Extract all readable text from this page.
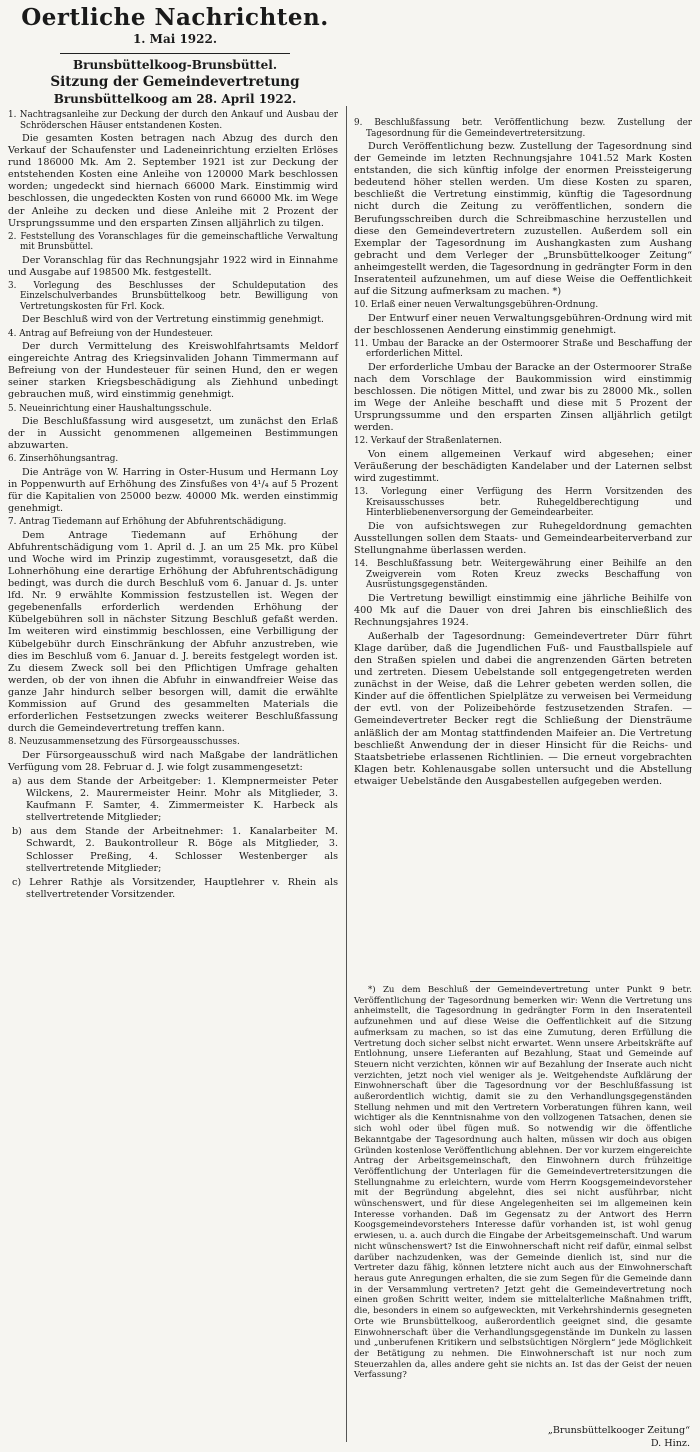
Oertliche Nachrichten.
1. Mai 1922.
Brunsbüttelkoog-Brunsbüttel.
Sitzung der Gemeindevertretung
Brunsbüttelkoog am 28. April 1922.

1. Nachtragsanleihe zur Deckung der durch den Ankauf und Ausbau der Schröderschen Häuser entstandenen Kosten.

Die gesamten Kosten betragen nach Abzug des durch den Verkauf der Schaufenster und Ladeneinrichtung erzielten Erlöses rund 186000 Mk. Am 2. September 1921 ist zur Deckung der entstehenden Kosten eine Anleihe von 120000 Mark beschlossen worden; ungedeckt sind hiernach 66000 Mark. Einstimmig wird beschlossen, die ungedeckten Kosten von rund 66000 Mk. im Wege der Anleihe zu decken und diese Anleihe mit 2 Prozent der Ursprungssumme und den ersparten Zinsen alljährlich zu tilgen.

2. Feststellung des Voranschlages für die gemeinschaftliche Verwaltung mit Brunsbüttel.

Der Voranschlag für das Rechnungsjahr 1922 wird in Einnahme und Ausgabe auf 198500 Mk. festgestellt.

3. Vorlegung des Beschlusses der Schuldeputation des Einzelschulverbandes Brunsbüttelkoog betr. Bewilligung von Vertretungskosten für Frl. Kock.

Der Beschluß wird von der Vertretung einstimmig genehmigt.

4. Antrag auf Befreiung von der Hundesteuer.

Der durch Vermittelung des Kreiswohlfahrtsamts Meldorf eingereichte Antrag des Kriegsinvaliden Johann Timmermann auf Befreiung von der Hundesteuer für seinen Hund, den er wegen seiner starken Kriegsbeschädigung als Ziehhund unbedingt gebrauchen muß, wird einstimmig genehmigt.

5. Neueinrichtung einer Haushaltungsschule.

Die Beschlußfassung wird ausgesetzt, um zunächst den Erlaß der in Aussicht genommenen allgemeinen Bestimmungen abzuwarten.

6. Zinserhöhungsantrag.

Die Anträge von W. Harring in Oster-Husum und Hermann Loy in Poppenwurth auf Erhöhung des Zinsfußes von 4¹/₄ auf 5 Prozent für die Kapitalien von 25000 bezw. 40000 Mk. werden einstimmig genehmigt.

7. Antrag Tiedemann auf Erhöhung der Abfuhrentschädigung.

Dem Antrage Tiedemann auf Erhöhung der Abfuhrentschädigung vom 1. April d. J. an um 25 Mk. pro Kübel und Woche wird im Prinzip zugestimmt, vorausgesetzt, daß die Lohnerhöhung eine derartige Erhöhung der Abfuhrentschädigung bedingt, was durch die durch Beschluß vom 6. Januar d. Js. unter lfd. Nr. 9 erwählte Kommission festzustellen ist. Wegen der gegebenenfalls erforderlich werdenden Erhöhung der Kübelgebühren soll in nächster Sitzung Beschluß gefaßt werden. Im weiteren wird einstimmig beschlossen, eine Verbilligung der Kübelgebühr durch Einschränkung der Abfuhr anzustreben, wie dies im Beschluß vom 6. Januar d. J. bereits festgelegt worden ist. Zu diesem Zweck soll bei den Pflichtigen Umfrage gehalten werden, ob der von ihnen die Abfuhr in einwandfreier Weise das ganze Jahr hindurch selber besorgen will, damit die erwählte Kommission auf Grund des gesammelten Materials die erforderlichen Festsetzungen zwecks weiterer Beschlußfassung durch die Gemeindevertretung treffen kann.

8. Neuzusammensetzung des Fürsorgeausschusses.

Der Fürsorgeausschuß wird nach Maßgabe der landrätlichen Verfügung vom 28. Februar d. J. wie folgt zusammengesetzt:

a) aus dem Stande der Arbeitgeber: 1. Klempnermeister Peter Wilckens, 2. Maurermeister Heinr. Mohr als Mitglieder, 3. Kaufmann F. Samter, 4. Zimmermeister K. Harbeck als stellvertretende Mitglieder;
b) aus dem Stande der Arbeitnehmer: 1. Kanalarbeiter M. Schwardt, 2. Baukontrolleur R. Böge als Mitglieder, 3. Schlosser Preßing, 4. Schlosser Westenberger als stellvertretende Mitglieder;
c) Lehrer Rathje als Vorsitzender, Hauptlehrer v. Rhein als stellvertretender Vorsitzender.

9. Beschlußfassung betr. Veröffentlichung bezw. Zustellung der Tagesordnung für die Gemeindevertretersitzung.

Durch Veröffentlichung bezw. Zustellung der Tagesordnung sind der Gemeinde im letzten Rechnungsjahre 1041.52 Mark Kosten entstanden, die sich künftig infolge der enormen Preissteigerung bedeutend höher stellen werden. Um diese Kosten zu sparen, beschließt die Vertretung einstimmig, künftig die Tagesordnung nicht durch die Zeitung zu veröffentlichen, sondern die Berufungsschreiben durch die Schreibmaschine herzustellen und diese den Gemeindevertretern zuzustellen. Außerdem soll ein Exemplar der Tagesordnung im Aushangkasten zum Aushang gebracht und dem Verleger der „Brunsbüttelkooger Zeitung“ anheimgestellt werden, die Tagesordnung in gedrängter Form in den Inseratenteil aufzunehmen, um auf diese Weise die Oeffentlichkeit auf die Sitzung aufmerksam zu machen. *)

10. Erlaß einer neuen Verwaltungsgebühren-Ordnung.

Der Entwurf einer neuen Verwaltungsgebühren-Ordnung wird mit der beschlossenen Aenderung einstimmig genehmigt.

11. Umbau der Baracke an der Ostermoorer Straße und Beschaffung der erforderlichen Mittel.

Der erforderliche Umbau der Baracke an der Ostermoorer Straße nach dem Vorschlage der Baukommission wird einstimmig beschlossen. Die nötigen Mittel, und zwar bis zu 28000 Mk., sollen im Wege der Anleihe beschafft und diese mit 5 Prozent der Ursprungssumme und den ersparten Zinsen alljährlich getilgt werden.

12. Verkauf der Straßenlaternen.

Von einem allgemeinen Verkauf wird abgesehen; einer Veräußerung der beschädigten Kandelaber und der Laternen selbst wird zugestimmt.

13. Vorlegung einer Verfügung des Herrn Vorsitzenden des Kreisausschusses betr. Ruhegeldberechtigung und Hinterbliebenenversorgung der Gemeindearbeiter.

Die von aufsichtswegen zur Ruhegeldordnung gemachten Ausstellungen sollen dem Staats- und Gemeindearbeiterverband zur Stellungnahme überlassen werden.

14. Beschlußfassung betr. Weitergewährung einer Beihilfe an den Zweigverein vom Roten Kreuz zwecks Beschaffung von Ausrüstungsgegenständen.

Die Vertretung bewilligt einstimmig eine jährliche Beihilfe von 400 Mk auf die Dauer von drei Jahren bis einschließlich des Rechnungsjahres 1924.

Außerhalb der Tagesordnung: Gemeindevertreter Dürr führt Klage darüber, daß die Jugendlichen Fuß- und Faustballspiele auf den Straßen spielen und dabei die angrenzenden Gärten betreten und zertreten. Diesem Uebelstande soll entgegengetreten werden zunächst in der Weise, daß die Lehrer gebeten werden sollen, die Kinder auf die öffentlichen Spielplätze zu verweisen bei Vermeidung der evtl. von der Polizeibehörde festzusetzenden Strafen. — Gemeindevertreter Becker regt die Schließung der Diensträume anläßlich der am Montag stattfindenden Maifeier an. Die Vertretung beschließt Anwendung der in dieser Hinsicht für die Reichs- und Staatsbetriebe erlassenen Richtlinien. — Die erneut vorgebrachten Klagen betr. Kohlenausgabe sollen untersucht und die Abstellung etwaiger Uebelstände den Ausgabestellen aufgegeben werden.

*) Zu dem Beschluß der Gemeindevertretung unter Punkt 9 betr. Veröffentlichung der Tagesordnung bemerken wir: Wenn die Vertretung uns anheimstellt, die Tagesordnung in gedrängter Form in den Inseratenteil aufzunehmen und auf diese Weise die Oeffentlichkeit auf die Sitzung aufmerksam zu machen, so ist das eine Zumutung, deren Erfüllung die Vertretung doch sicher selbst nicht erwartet. Wenn unsere Arbeitskräfte auf Entlohnung, unsere Lieferanten auf Bezahlung, Staat und Gemeinde auf Steuern nicht verzichten, können wir auf Bezahlung der Inserate auch nicht verzichten, jetzt noch viel weniger als je. Weitgehendste Aufklärung der Einwohnerschaft über die Tagesordnung vor der Beschlußfassung ist außerordentlich wichtig, damit sie zu den Verhandlungsgegenständen Stellung nehmen und mit den Vertretern Vorberatungen führen kann, weil wichtiger als die Kenntnisnahme von den vollzogenen Tatsachen, denen sie sich wohl oder übel fügen muß. So notwendig wir die öffentliche Bekanntgabe der Tagesordnung auch halten, müssen wir doch aus obigen Gründen kostenlose Veröffentlichung ablehnen. Der vor kurzem eingereichte Antrag der Arbeitsgemeinschaft, den Einwohnern durch frühzeitige Veröffentlichung der Unterlagen für die Gemeindevertretersitzungen die Stellungnahme zu erleichtern, wurde vom Herrn Koogsgemeindevorsteher mit der Begründung abgelehnt, dies sei nicht ausführbar, nicht wünschenswert, und für diese Angelegenheiten sei im allgemeinen kein Interesse vorhanden. Daß im Gegensatz zu der Antwort des Herrn Koogsgemeindevorstehers Interesse dafür vorhanden ist, ist wohl genug erwiesen, u. a. auch durch die Eingabe der Arbeitsgemeinschaft. Und warum nicht wünschenswert? Ist die Einwohnerschaft nicht reif dafür, einmal selbst darüber nachzudenken, was der Gemeinde dienlich ist, sind nur die Vertreter dazu fähig, können letztere nicht auch aus der Einwohnerschaft heraus gute Anregungen erhalten, die sie zum Segen für die Gemeinde dann in der Versammlung vertreten? Jetzt geht die Gemeindevertretung noch einen großen Schritt weiter, indem sie mittelalterliche Maßnahmen trifft, die, besonders in einem so aufgeweckten, mit Verkehrshindernis gesegneten Orte wie Brunsbüttelkoog, außerordentlich geeignet sind, die gesamte Einwohnerschaft über die Verhandlungsgegenstände im Dunkeln zu lassen und „unberufenen Kritikern und selbstsüchtigen Nörglern“ jede Möglichkeit der Betätigung zu nehmen. Die Einwohnerschaft ist nur noch zum Steuerzahlen da, alles andere geht sie nichts an. Ist das der Geist der neuen Verfassung?

„Brunsbüttelkooger Zeitung“
D. Hinz.
